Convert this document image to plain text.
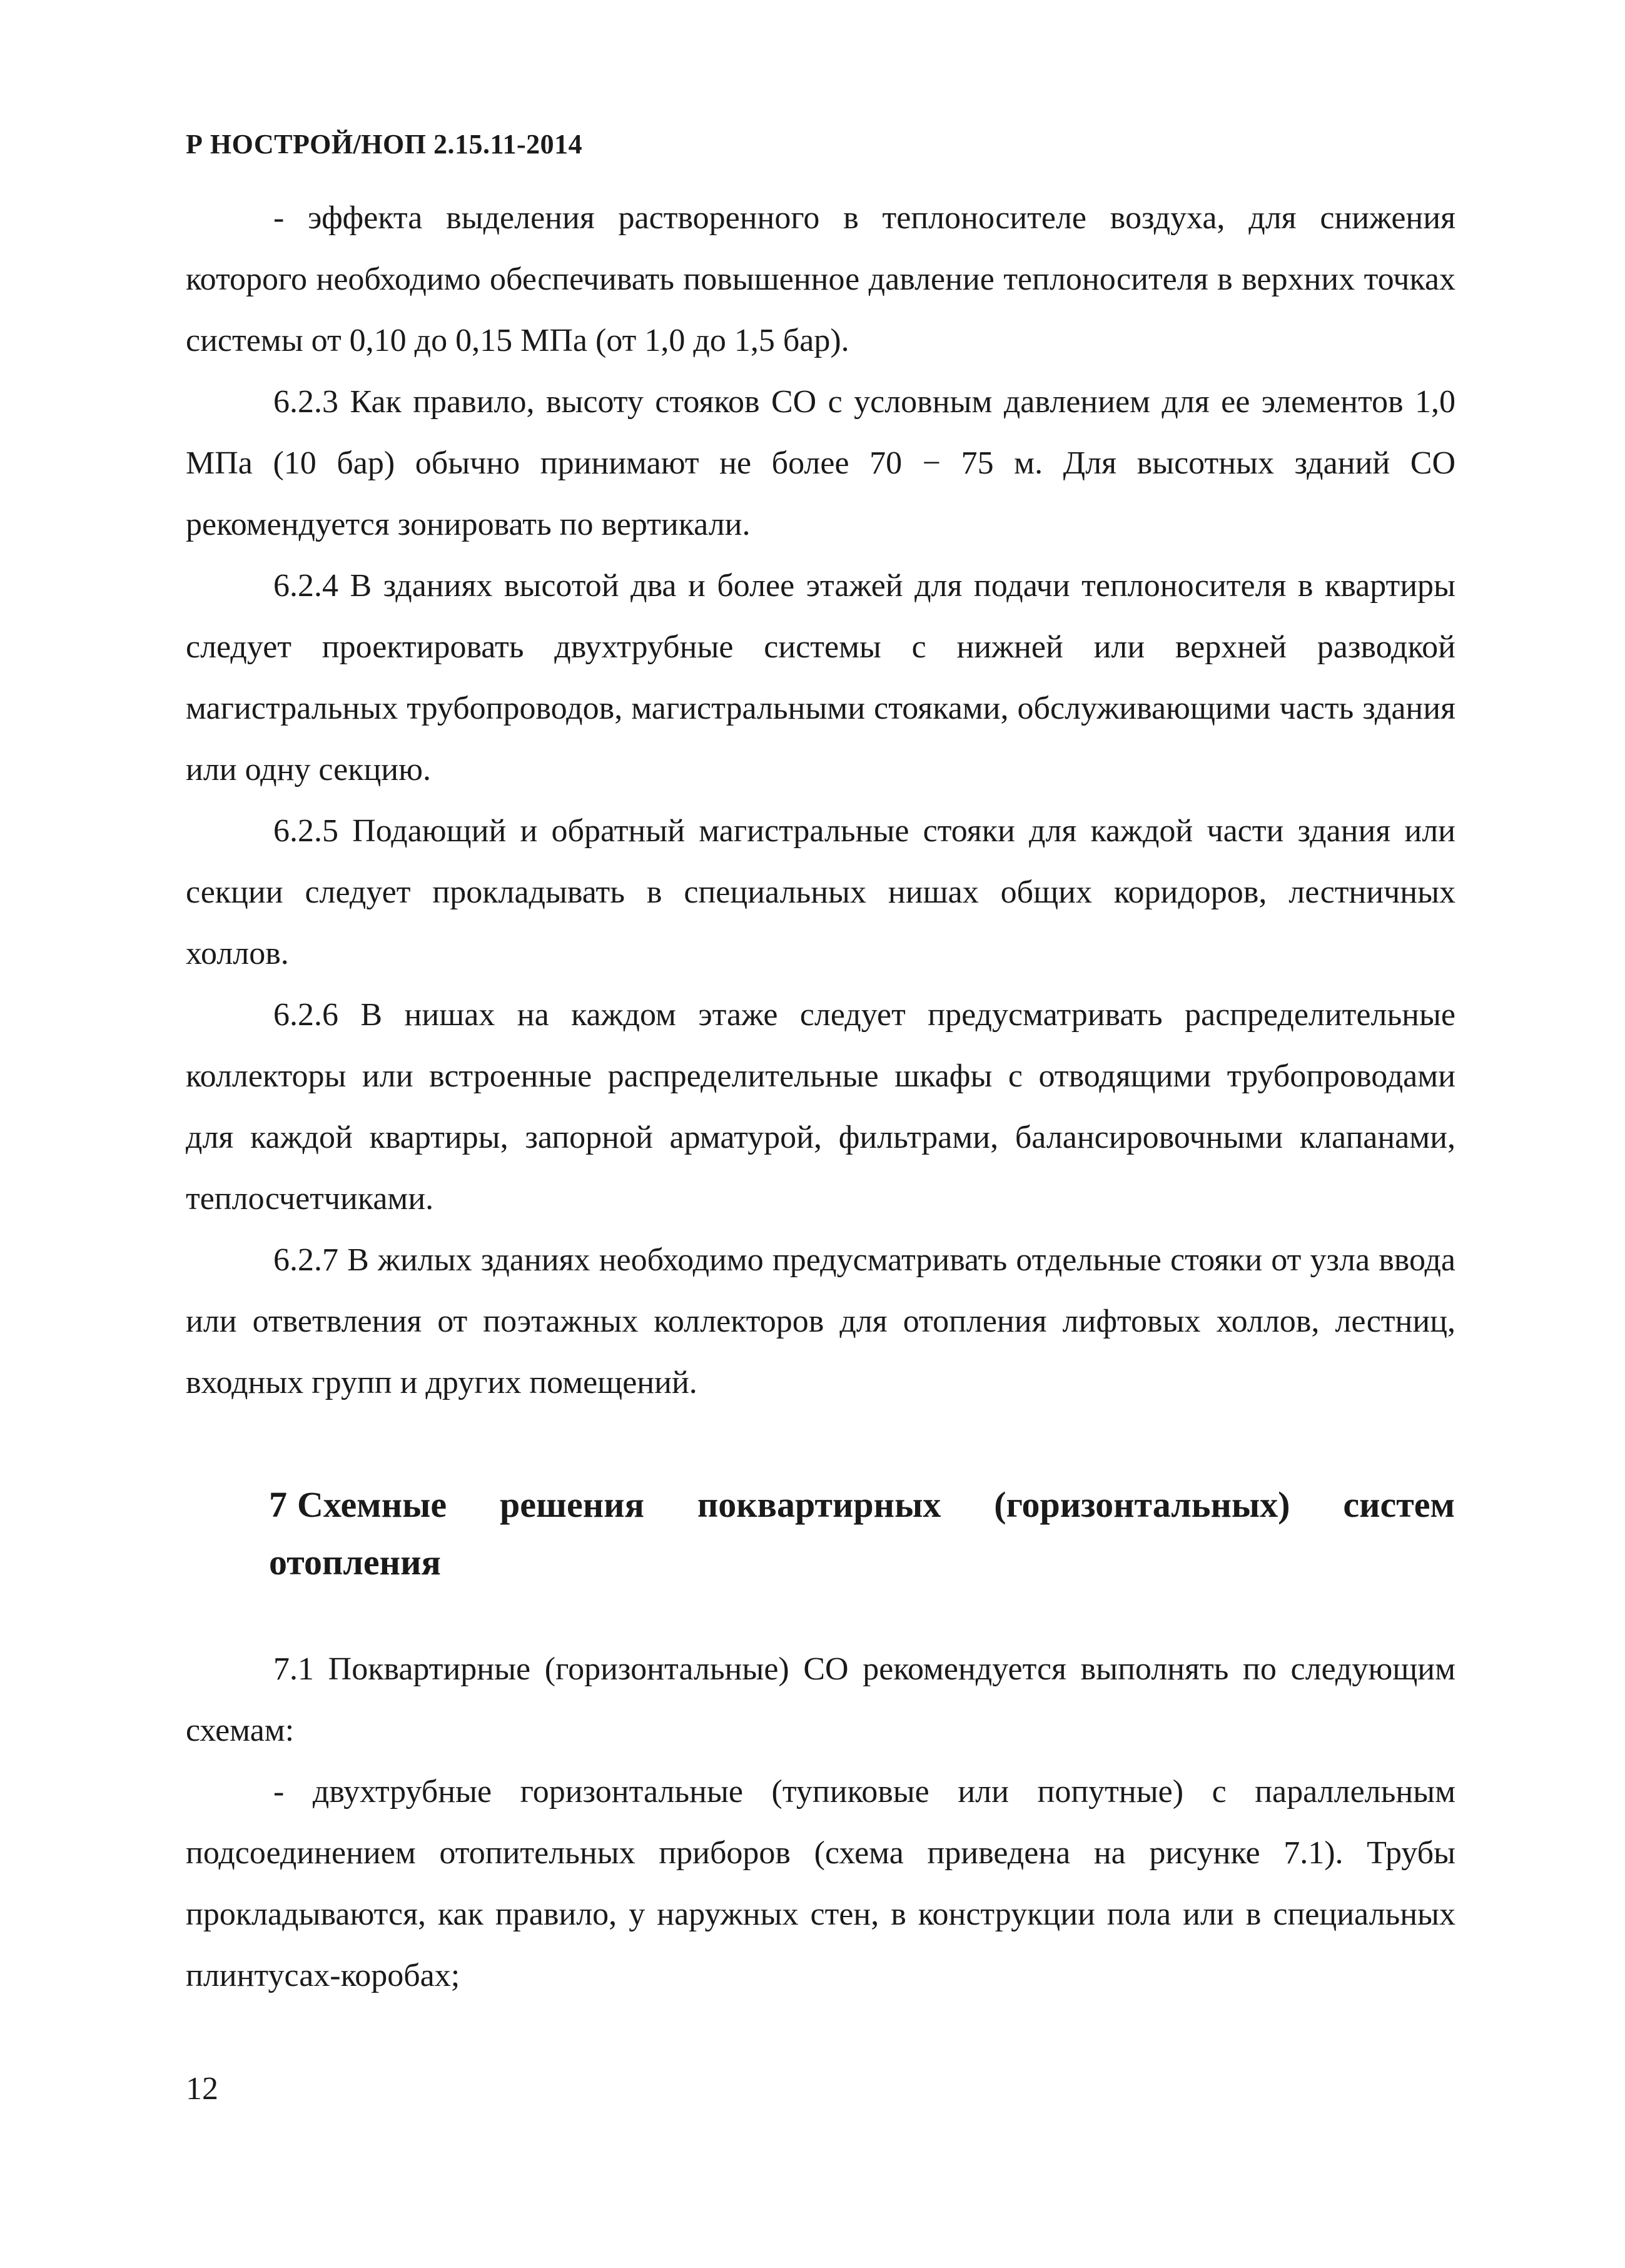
Р НОСТРОЙ/НОП 2.15.11-2014

- эффекта выделения растворенного в теплоносителе воздуха, для снижения которого необходимо обеспечивать повышенное давление теплоносителя в верхних точках системы от 0,10 до 0,15 МПа (от 1,0 до 1,5 бар).

6.2.3 Как правило, высоту стояков СО с условным давлением для ее элементов 1,0 МПа (10 бар) обычно принимают не более 70 − 75 м. Для высотных зданий СО рекомендуется зонировать по вертикали.

6.2.4 В зданиях высотой два и более этажей для подачи теплоносителя в квартиры следует проектировать двухтрубные системы с нижней или верхней разводкой магистральных трубопроводов, магистральными стояками, обслуживающими часть здания или одну секцию.

6.2.5 Подающий и обратный магистральные стояки для каждой части здания или секции следует прокладывать в специальных нишах общих коридоров, лестничных холлов.

6.2.6 В нишах на каждом этаже следует предусматривать распределительные коллекторы или встроенные распределительные шкафы с отводящими трубопроводами для каждой квартиры, запорной арматурой, фильтрами, балансировочными клапанами, теплосчетчиками.

6.2.7 В жилых зданиях необходимо предусматривать отдельные стояки от узла ввода или ответвления от поэтажных коллекторов для отопления лифтовых холлов, лестниц, входных групп и других помещений.

7 Схемные решения поквартирных (горизонтальных) систем отопления

7.1 Поквартирные (горизонтальные) СО рекомендуется выполнять по следующим схемам:

- двухтрубные горизонтальные (тупиковые или попутные) с параллельным подсоединением отопительных приборов (схема приведена на рисунке 7.1). Трубы прокладываются, как правило, у наружных стен, в конструкции пола или в специальных плинтусах-коробах;

12
